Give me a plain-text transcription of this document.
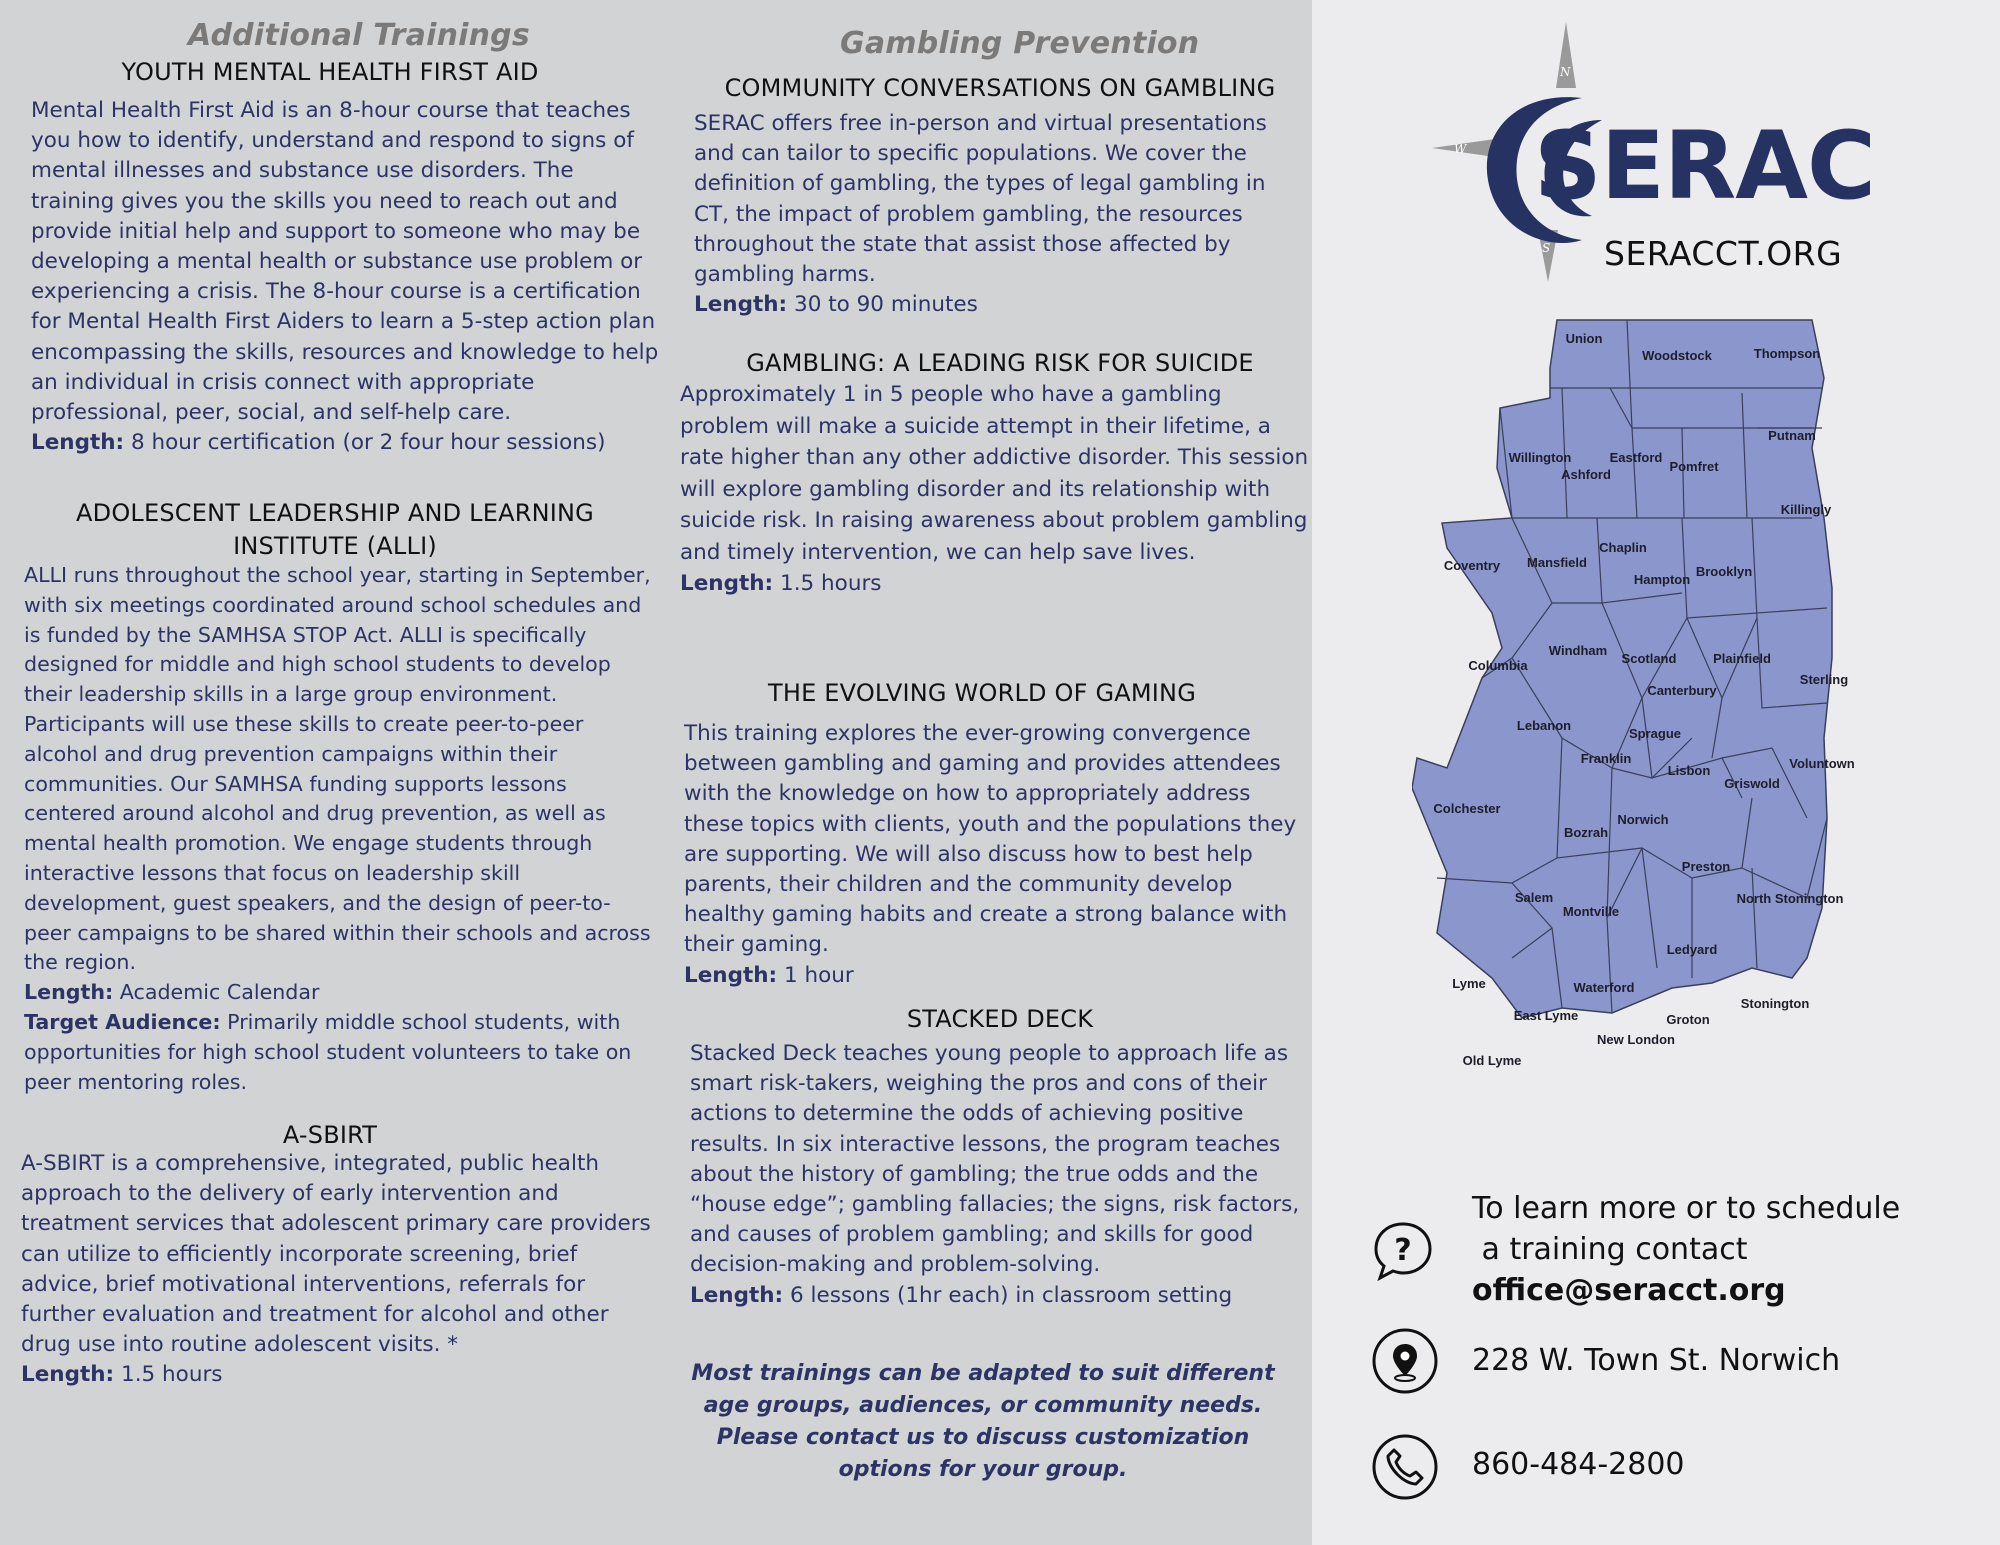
Additional Trainings
YOUTH MENTAL HEALTH FIRST AID

Mental Health First Aid is an 8-hour course that teaches you how to identify, understand and respond to signs of mental illnesses and substance use disorders. The training gives you the skills you need to reach out and provide initial help and support to someone who may be developing a mental health or substance use problem or experiencing a crisis. The 8-hour course is a certification for Mental Health First Aiders to learn a 5-step action plan encompassing the skills, resources and knowledge to help an individual in crisis connect with appropriate professional, peer, social, and self-help care.

Length: 8 hour certification (or 2 four hour sessions)

ADOLESCENT LEADERSHIP AND LEARNING
INSTITUTE (ALLI)

ALLI runs throughout the school year, starting in September, with six meetings coordinated around school schedules and is funded by the SAMHSA STOP Act. ALLI is specifically designed for middle and high school students to develop their leadership skills in a large group environment. Participants will use these skills to create peer-to-peer alcohol and drug prevention campaigns within their communities. Our SAMHSA funding supports lessons centered around alcohol and drug prevention, as well as mental health promotion. We engage students through interactive lessons that focus on leadership skill development, guest speakers, and the design of peer-to-peer campaigns to be shared within their schools and across the region.

Length: Academic Calendar

Target Audience: Primarily middle school students, with opportunities for high school student volunteers to take on peer mentoring roles.

A-SBIRT

A-SBIRT is a comprehensive, integrated, public health approach to the delivery of early intervention and treatment services that adolescent primary care providers can utilize to efficiently incorporate screening, brief advice, brief motivational interventions, referrals for further evaluation and treatment for alcohol and other drug use into routine adolescent visits. *

Length: 1.5 hours

Gambling Prevention
COMMUNITY CONVERSATIONS ON GAMBLING

SERAC offers free in-person and virtual presentations and can tailor to specific populations. We cover the definition of gambling, the types of legal gambling in CT, the impact of problem gambling, the resources throughout the state that assist those affected by gambling harms.

Length: 30 to 90 minutes

GAMBLING: A LEADING RISK FOR SUICIDE

Approximately 1 in 5 people who have a gambling problem will make a suicide attempt in their lifetime, a rate higher than any other addictive disorder. This session will explore gambling disorder and its relationship with suicide risk. In raising awareness about problem gambling and timely intervention, we can help save lives.

Length: 1.5 hours

THE EVOLVING WORLD OF GAMING

This training explores the ever-growing convergence between gambling and gaming and provides attendees with the knowledge on how to appropriately address these topics with clients, youth and the populations they are supporting. We will also discuss how to best help parents, their children and the community develop healthy gaming habits and create a strong balance with their gaming.

Length: 1 hour

STACKED DECK

Stacked Deck teaches young people to approach life as smart risk-takers, weighing the pros and cons of their actions to determine the odds of achieving positive results. In six interactive lessons, the program teaches about the history of gambling; the true odds and the “house edge”; gambling fallacies; the signs, risk factors, and causes of problem gambling; and skills for good decision-making and problem-solving.

Length: 6 lessons (1hr each) in classroom setting

Most trainings can be adapted to suit different age groups, audiences, or community needs. Please contact us to discuss customization options for your group.
N
W
S
SERAC
SERACCT.ORG
Union
Woodstock	Thompson
Putnam
Willington
Ashford
Eastford
Pomfret
Killingly
Coventry Mansfield
Chaplin
Hampton
Brooklyn
Columbia
Windham
Scotland	Plainfield
Sterling
Canterbury
Lebanon
Sprague
Franklin
Lisbon
Griswold
Voluntown
Colchester
Norwich
Bozrah
Preston
Salem
Montville
North Stonington
Ledyard
Lyme	Waterford
East Lyme	Groton
Stonington
New London
Old Lyme
To learn more or to schedule
a training contact
office@seracct.org
?
228 W. Town St. Norwich
860-484-2800
